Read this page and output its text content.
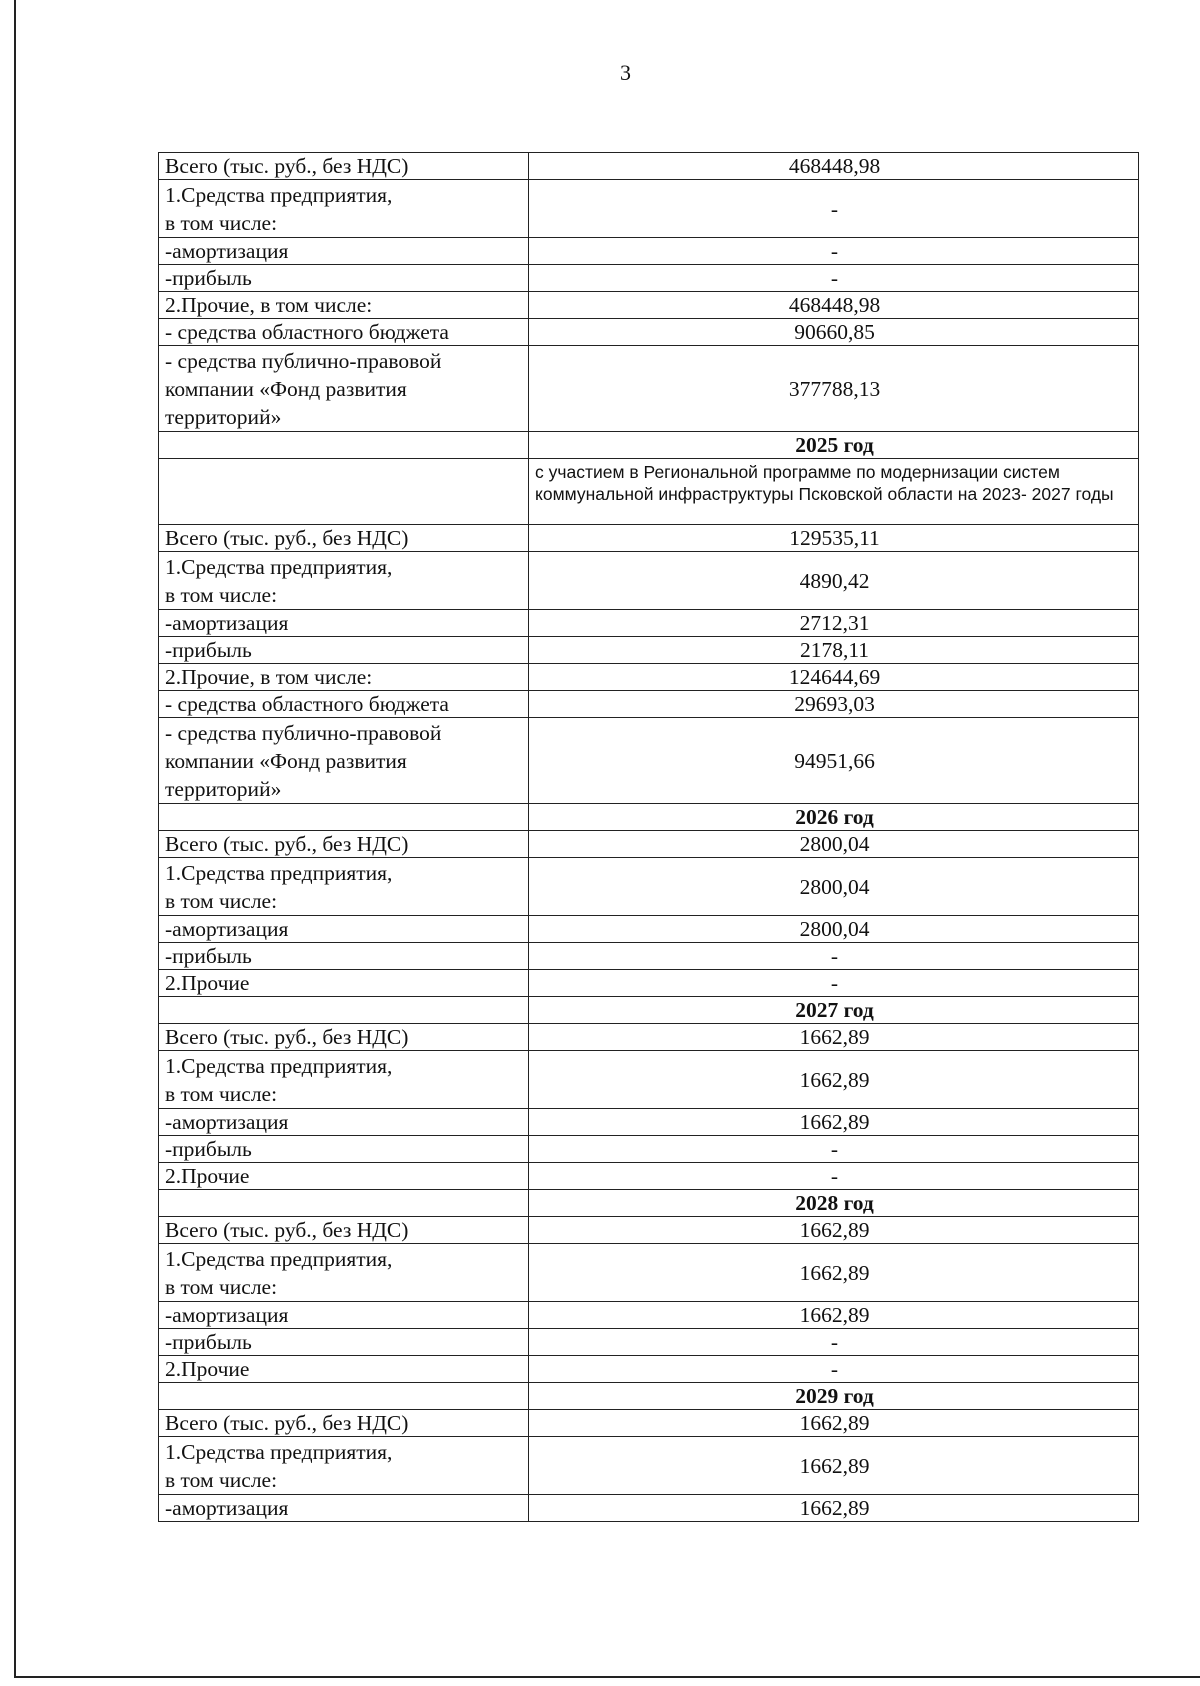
3
Всего (тыс. руб., без НДС)	468448,98
1.Средства предприятия,
в том числе:	-
-амортизация	-
-прибыль	-
2.Прочие, в том числе:	468448,98
- средства областного бюджета	90660,85
- средства публично-правовой
компании «Фонд развития
территорий»	377788,13
	2025 год
	с участием в Региональной программе по модернизации систем коммунальной инфраструктуры Псковской области на 2023- 2027 годы
Всего (тыс. руб., без НДС)	129535,11
1.Средства предприятия,
в том числе:	4890,42
-амортизация	2712,31
-прибыль	2178,11
2.Прочие, в том числе:	124644,69
- средства областного бюджета	29693,03
- средства публично-правовой
компании «Фонд развития
территорий»	94951,66
	2026 год
Всего (тыс. руб., без НДС)	2800,04
1.Средства предприятия,
в том числе:	2800,04
-амортизация	2800,04
-прибыль	-
2.Прочие	-
	2027 год
Всего (тыс. руб., без НДС)	1662,89
1.Средства предприятия,
в том числе:	1662,89
-амортизация	1662,89
-прибыль	-
2.Прочие	-
	2028 год
Всего (тыс. руб., без НДС)	1662,89
1.Средства предприятия,
в том числе:	1662,89
-амортизация	1662,89
-прибыль	-
2.Прочие	-
	2029 год
Всего (тыс. руб., без НДС)	1662,89
1.Средства предприятия,
в том числе:	1662,89
-амортизация	1662,89
